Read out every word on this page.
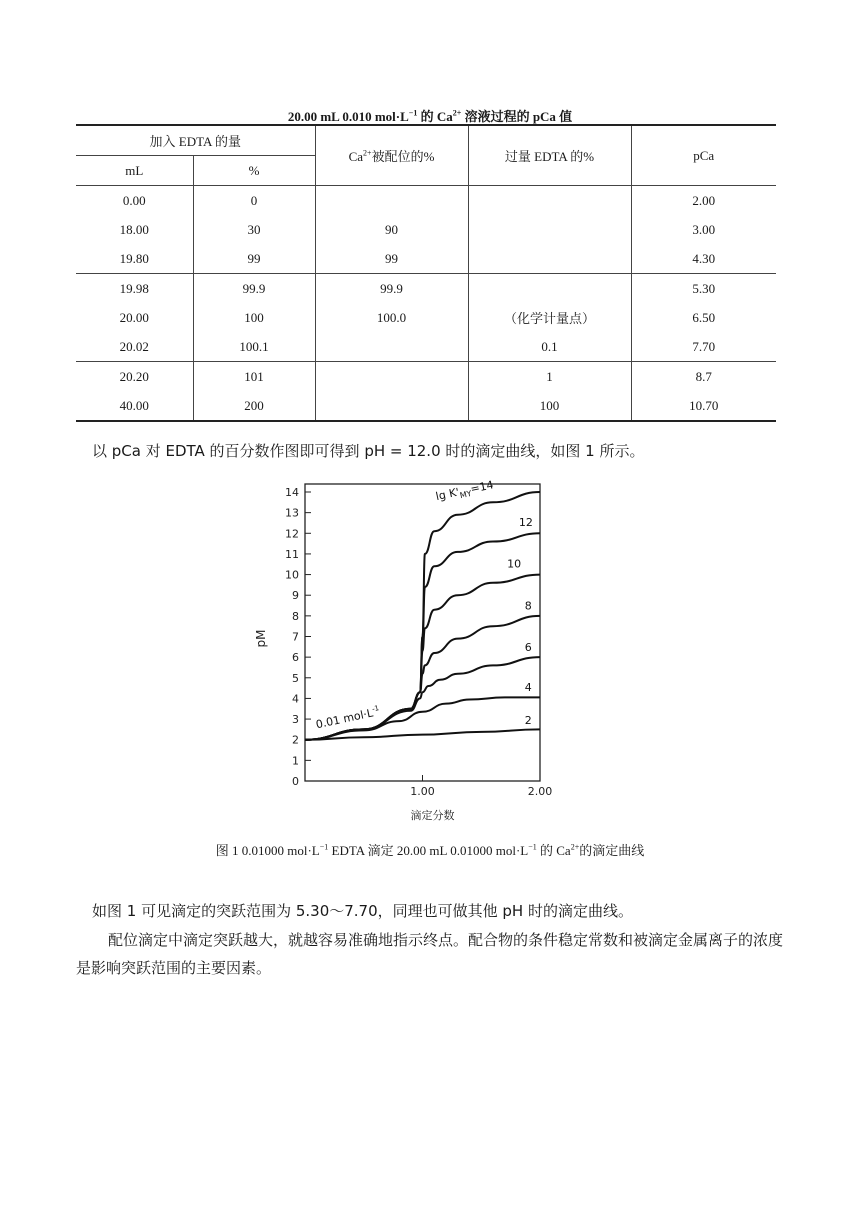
20.00 mL 0.010 $mol\cdot L^{-1}$ 的 $Ca^{2+}$ 溶液过程的 pCa 值
加入 EDTA 的量		$Ca^{2+}$被配位的%	过量 EDTA 的%	pCa
mL	%			
0.00	0			2.00
18.00	30	90		3.00
19.80	99	99		4.30
19.98	99.9	99.9		5.30
20.00	100	100.0	（化学计量点）	6.50
20.02	100.1		0.1	7.70
20.20	101		1	8.7
40.00	200		100	10.70
以 pCa 对 EDTA 的百分数作图即可得到 pH = 12.0 时的滴定曲线，如图 1 所示。
0
1
2
3
4
5
6
7
8
9
10
11
12
13
14
1.00	2.00
滴定分数
pM
$\lg K'_{MY}=14$
12
10
8
6
4
2
0.01 $mol\cdot L^{-1}$
图 1 0.01000 $mol\cdot L^{-1}$ EDTA 滴定 20.00 mL 0.01000 $mol\cdot L^{-1}$ 的 $Ca^{2+}$的滴定曲线
如图 1 可见滴定的突跃范围为 5.30～7.70，同理也可做其他 pH 时的滴定曲线。
配位滴定中滴定突跃越大，就越容易准确地指示终点。配合物的条件稳定常数和被滴定金属离子的浓度是影响突跃范围的主要因素。
